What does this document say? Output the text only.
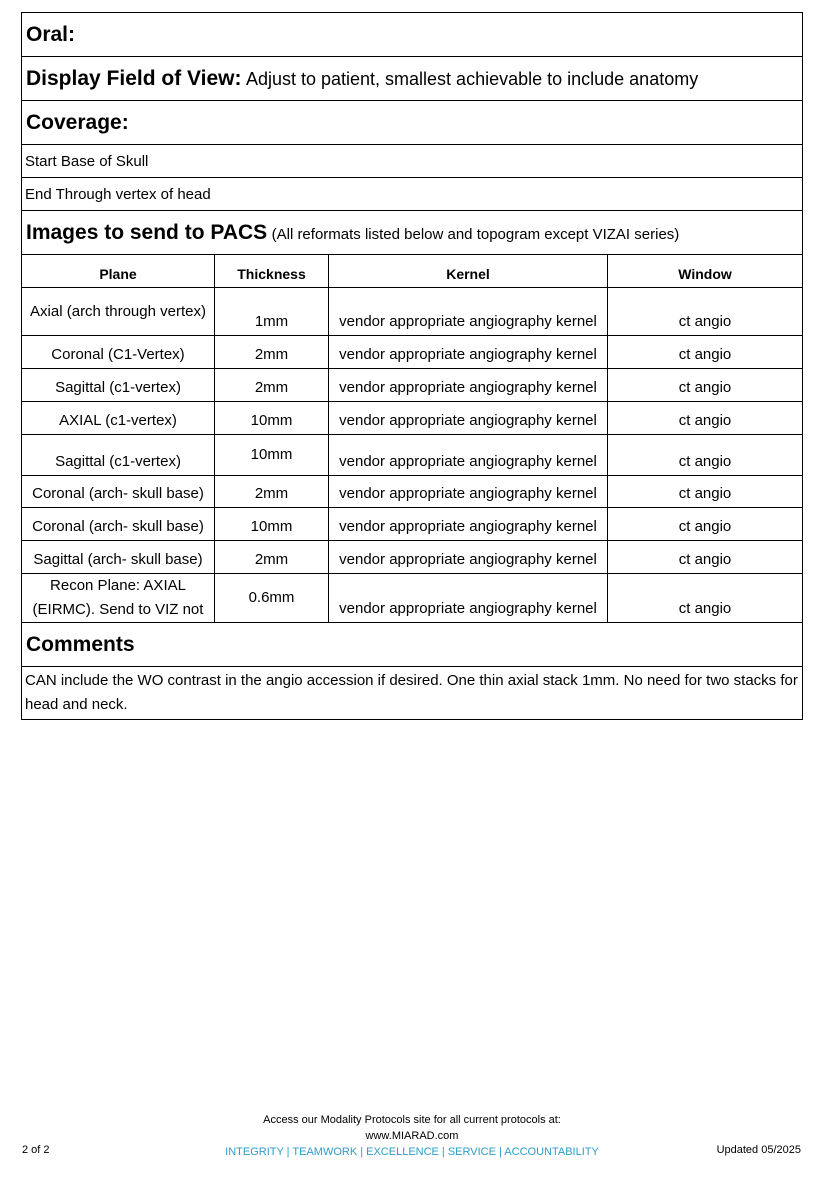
Oral:			
Display Field of View: Adjust to patient, smallest achievable to include anatomy			
Coverage:			
Start Base of Skull			
End Through vertex of head			
Images to send to PACS (All reformats listed below and topogram except VIZAI series)			
Plane	Thickness	Kernel	Window
Axial (arch through vertex)	1mm	vendor appropriate angiography kernel	ct angio
Coronal (C1-Vertex)	2mm	vendor appropriate angiography kernel	ct angio
Sagittal (c1-vertex)	2mm	vendor appropriate angiography kernel	ct angio
AXIAL (c1-vertex)	10mm	vendor appropriate angiography kernel	ct angio
Sagittal (c1-vertex)	10mm	vendor appropriate angiography kernel	ct angio
Coronal (arch- skull base)	2mm	vendor appropriate angiography kernel	ct angio
Coronal (arch- skull base)	10mm	vendor appropriate angiography kernel	ct angio
Sagittal (arch- skull base)	2mm	vendor appropriate angiography kernel	ct angio
Recon Plane: AXIAL (EIRMC). Send to VIZ not	0.6mm	vendor appropriate angiography kernel	ct angio
Comments			
CAN include the WO contrast in the angio accession if desired. One thin axial stack 1mm. No need for two stacks for head and neck.			
Access our Modality Protocols site for all current protocols at:
www.MIARAD.com
INTEGRITY | TEAMWORK | EXCELLENCE | SERVICE | ACCOUNTABILITY
2 of 2	Updated 05/2025
